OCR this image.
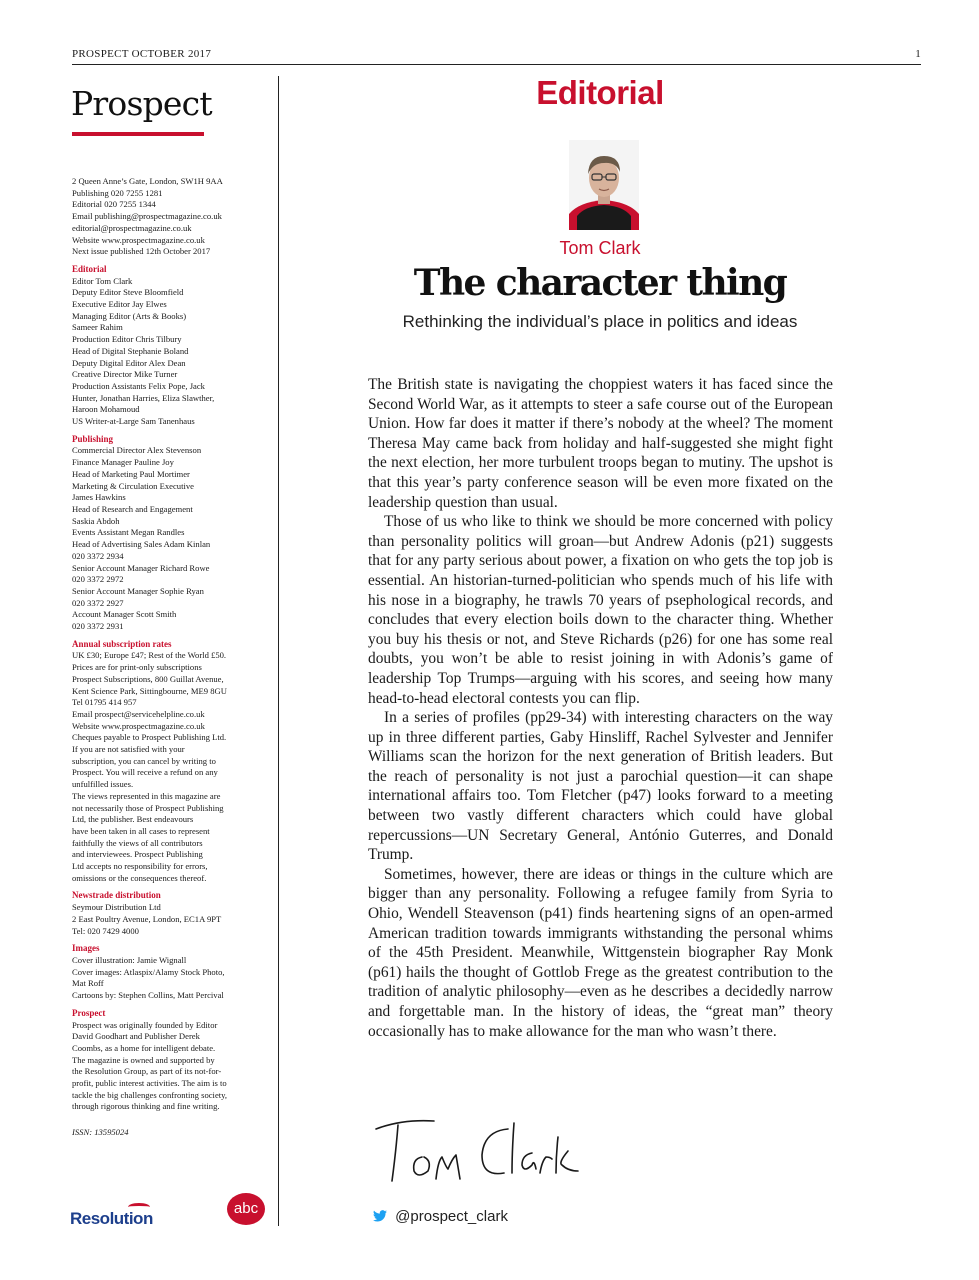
PROSPECT OCTOBER 2017	1
Prospect
2 Queen Anne’s Gate, London, SW1H 9AA
Publishing 020 7255 1281
Editorial 020 7255 1344
Email publishing@prospectmagazine.co.uk
editorial@prospectmagazine.co.uk
Website www.prospectmagazine.co.uk
Next issue published 12th October 2017
Editorial
Editor Tom Clark
Deputy Editor Steve Bloomfield
Executive Editor Jay Elwes
Managing Editor (Arts & Books)
Sameer Rahim
Production Editor Chris Tilbury
Head of Digital Stephanie Boland
Deputy Digital Editor Alex Dean
Creative Director Mike Turner
Production Assistants Felix Pope, Jack
Hunter, Jonathan Harries, Eliza Slawther,
Haroon Mohamoud
US Writer-at-Large Sam Tanenhaus
Publishing
Commercial Director Alex Stevenson
Finance Manager Pauline Joy
Head of Marketing Paul Mortimer
Marketing & Circulation Executive
James Hawkins
Head of Research and Engagement
Saskia Abdoh
Events Assistant Megan Randles
Head of Advertising Sales Adam Kinlan
020 3372 2934
Senior Account Manager Richard Rowe
020 3372 2972
Senior Account Manager Sophie Ryan
020 3372 2927
Account Manager Scott Smith
020 3372 2931
Annual subscription rates
UK £30; Europe £47; Rest of the World £50.
Prices are for print-only subscriptions
Prospect Subscriptions, 800 Guillat Avenue,
Kent Science Park, Sittingbourne, ME9 8GU
Tel 01795 414 957
Email prospect@servicehelpline.co.uk
Website www.prospectmagazine.co.uk
Cheques payable to Prospect Publishing Ltd.
If you are not satisfied with your
subscription, you can cancel by writing to
Prospect. You will receive a refund on any
unfulfilled issues.
The views represented in this magazine are
not necessarily those of Prospect Publishing
Ltd, the publisher. Best endeavours
have been taken in all cases to represent
faithfully the views of all contributors
and interviewees. Prospect Publishing
Ltd accepts no responsibility for errors,
omissions or the consequences thereof.
Newstrade distribution
Seymour Distribution Ltd
2 East Poultry Avenue, London, EC1A 9PT
Tel: 020 7429 4000
Images
Cover illustration: Jamie Wignall
Cover images: Atlaspix/Alamy Stock Photo,
Mat Roff
Cartoons by: Stephen Collins, Matt Percival
Prospect
Prospect was originally founded by Editor
David Goodhart and Publisher Derek
Coombs, as a home for intelligent debate.
The magazine is owned and supported by
the Resolution Group, as part of its not-for-
profit, public interest activities. The aim is to
tackle the big challenges confronting society,
through rigorous thinking and fine writing.
ISSN: 13595024
Resolution
abc
Editorial
Tom Clark
The character thing
Rethinking the individual’s place in politics and ideas

The British state is navigating the choppiest waters it has faced since the Second World War, as it attempts to steer a safe course out of the European Union. How far does it matter if there’s nobody at the wheel? The moment Theresa May came back from holiday and half-suggested she might fight the next election, her more turbulent troops began to mutiny. The upshot is that this year’s party conference season will be even more fixated on the leadership question than usual.

Those of us who like to think we should be more concerned with policy than personality politics will groan—but Andrew Adonis (p21) suggests that for any party serious about power, a fixation on who gets the top job is essential. An historian-turned-politician who spends much of his life with his nose in a biography, he trawls 70 years of psephological records, and concludes that every election boils down to the character thing. Whether you buy his thesis or not, and Steve Richards (p26) for one has some real doubts, you won’t be able to resist joining in with Adonis’s game of leadership Top Trumps—arguing with his scores, and seeing how many head-to-head electoral contests you can flip.

In a series of profiles (pp29-34) with interesting characters on the way up in three different parties, Gaby Hinsliff, Rachel Sylvester and Jennifer Williams scan the horizon for the next generation of British leaders. But the reach of personality is not just a parochial question—it can shape international affairs too. Tom Fletcher (p47) looks forward to a meeting between two vastly different characters which could have global repercussions—UN Secretary General, António Guterres, and Donald Trump.

Sometimes, however, there are ideas or things in the culture which are bigger than any personality. Following a refugee family from Syria to Ohio, Wendell Steavenson (p41) finds heartening signs of an open-armed American tradition towards immigrants withstanding the personal whims of the 45th President. Meanwhile, Wittgenstein biographer Ray Monk (p61) hails the thought of Gottlob Frege as the greatest contribution to the tradition of analytic philosophy—even as he describes a decidedly narrow and forgettable man. In the history of ideas, the “great man” theory occasionally has to make allowance for the man who wasn’t there.

@prospect_clark
